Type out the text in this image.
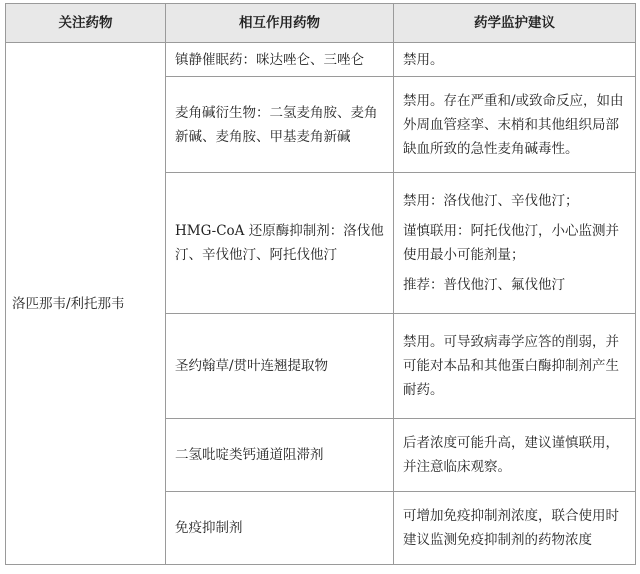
关注药物	相互作用药物	药学监护建议

洛匹那韦/利托那韦	镇静催眠药：咪达唑仑、三唑仑	禁用。

	麦角碱衍生物：二氢麦角胺、麦角新碱、麦角胺、甲基麦角新碱	禁用。存在严重和/或致命反应，如由外周血管痉挛、末梢和其他组织局部缺血所致的急性麦角碱毒性。

	HMG-CoA 还原酶抑制剂：洛伐他汀、辛伐他汀、阿托伐他汀	禁用：洛伐他汀、辛伐他汀；
谨慎联用：阿托伐他汀，小心监测并使用最小可能剂量；
推荐：普伐他汀、氟伐他汀

	圣约翰草/贯叶连翘提取物	禁用。可导致病毒学应答的削弱，并可能对本品和其他蛋白酶抑制剂产生耐药。

	二氢吡啶类钙通道阻滞剂	后者浓度可能升高，建议谨慎联用，并注意临床观察。

	免疫抑制剂	可增加免疫抑制剂浓度，联合使用时建议监测免疫抑制剂的药物浓度
